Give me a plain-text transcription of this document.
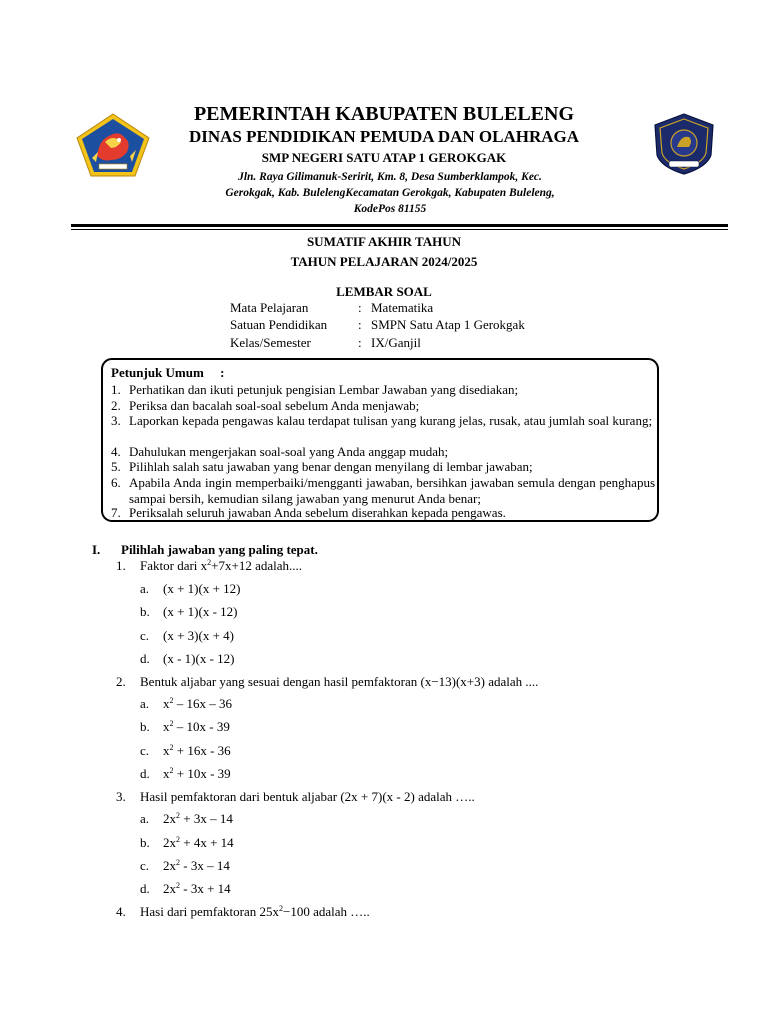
PEMERINTAH KABUPATEN BULELENG
DINAS PENDIDIKAN PEMUDA DAN OLAHRAGA
SMP NEGERI SATU ATAP 1 GEROKGAK
Jln. Raya Gilimanuk-Seririt, Km. 8, Desa Sumberklampok, Kec.
Gerokgak, Kab. BulelengKecamatan Gerokgak, Kabupaten Buleleng,
KodePos 81155
SUMATIF AKHIR TAHUN
TAHUN PELAJARAN 2024/2025
LEMBAR SOAL
Mata Pelajaran	: Matematika
Satuan Pendidikan : SMPN Satu Atap 1 Gerokgak
Kelas/Semester	: IX/Ganjil
Petunjuk Umum     :
1. Perhatikan dan ikuti petunjuk pengisian Lembar Jawaban yang disediakan;
2. Periksa dan bacalah soal-soal sebelum Anda menjawab;
3. Laporkan kepada pengawas kalau terdapat tulisan yang kurang jelas, rusak, atau jumlah soal kurang;
4. Dahulukan mengerjakan soal-soal yang Anda anggap mudah;
5. Pilihlah salah satu jawaban yang benar dengan menyilang di lembar jawaban;
6. Apabila Anda ingin memperbaiki/mengganti jawaban, bersihkan jawaban semula dengan penghapus sampai bersih, kemudian silang jawaban yang menurut Anda benar;
7. Periksalah seluruh jawaban Anda sebelum diserahkan kepada pengawas.
I. Pilihlah jawaban yang paling tepat.
1. Faktor dari $x^2+7x+12$ adalah....
a. (x + 1)(x + 12)
b. (x + 1)(x - 12)
c. (x + 3)(x + 4)
d. (x - 1)(x - 12)
2. Bentuk aljabar yang sesuai dengan hasil pemfaktoran (x−13)(x+3) adalah ....
a. $x^2 - 16x - 36$
b. $x^2 - 10x - 39$
c. $x^2 + 16x - 36$
d. $x^2 + 10x - 39$
3. Hasil pemfaktoran dari bentuk aljabar (2x + 7)(x - 2) adalah …..
a. $2x^2 + 3x - 14$
b. $2x^2 + 4x + 14$
c. $2x^2 - 3x - 14$
d. $2x^2 - 3x + 14$
4. Hasi dari pemfaktoran $25x^2-100$ adalah …..
